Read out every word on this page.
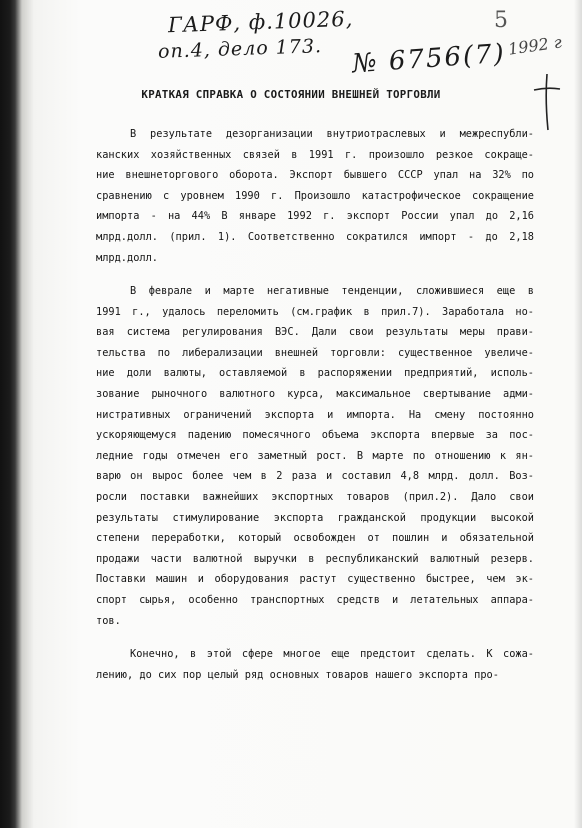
ГАРФ, ф.10026,
оп.4, дело 173. № 6756(7)
5
1992 г
КРАТКАЯ СПРАВКА О СОСТОЯНИИ ВНЕШНЕЙ ТОРГОВЛИ
В результате дезорганизации внутриотраслевых и межреспубли-
канских хозяйственных связей в 1991 г. произошло резкое сокраще-
ние внешнеторгового оборота. Экспорт бывшего СССР упал на 32% по
сравнению с уровнем 1990 г. Произошло катастрофическое сокращение
импорта - на 44% В январе 1992 г. экспорт России упал до 2,16
млрд.долл. (прил. 1). Соответственно сократился импорт - до 2,18
млрд.долл.
В феврале и марте негативные тенденции, сложившиеся еще в
1991 г., удалось переломить (см.график в прил.7). Заработала но-
вая система регулирования ВЭС. Дали свои результаты меры прави-
тельства по либерализации внешней торговли: существенное увеличе-
ние доли валюты, оставляемой в распоряжении предприятий, исполь-
зование рыночного валютного курса, максимальное свертывание адми-
нистративных ограничений экспорта и импорта. На смену постоянно
ускоряющемуся падению помесячного объема экспорта впервые за пос-
ледние годы отмечен его заметный рост. В марте по отношению к ян-
варю он вырос более чем в 2 раза и составил 4,8 млрд. долл. Воз-
росли поставки важнейших экспортных товаров (прил.2). Дало свои
результаты стимулирование экспорта гражданской продукции высокой
степени переработки, который освобожден от пошлин и обязательной
продажи части валютной выручки в республиканский валютный резерв.
Поставки машин и оборудования растут существенно быстрее, чем эк-
спорт сырья, особенно транспортных средств и летательных аппара-
тов.
Конечно, в этой сфере многое еще предстоит сделать. К сожа-
лению, до сих пор целый ряд основных товаров нашего экспорта про-
